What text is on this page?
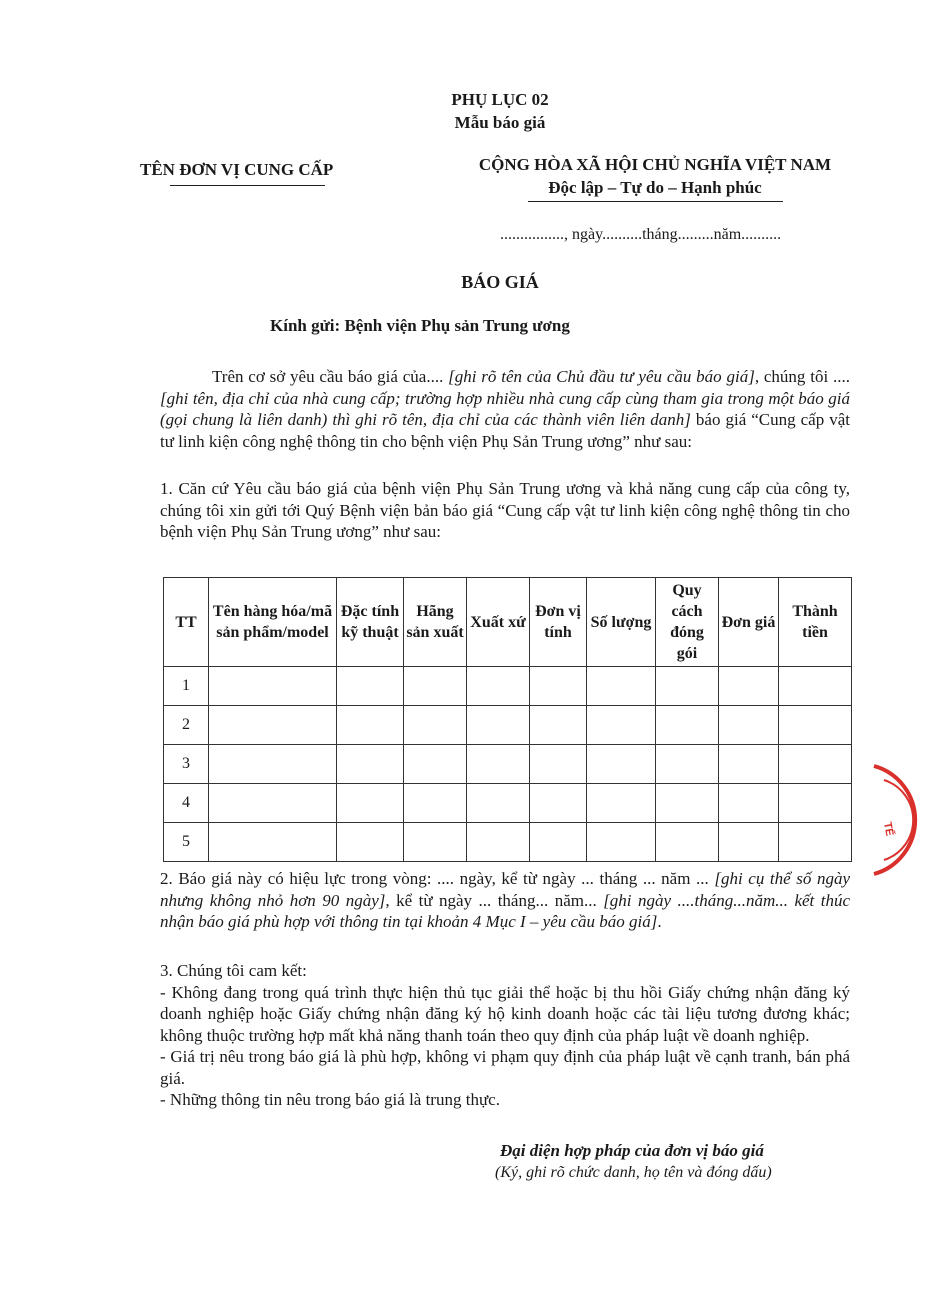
PHỤ LỤC 02
Mẫu báo giá
TÊN ĐƠN VỊ CUNG CẤP	CỘNG HÒA XÃ HỘI CHỦ NGHĨA VIỆT NAM
Độc lập – Tự do – Hạnh phúc
................, ngày..........tháng.........năm..........
BÁO GIÁ
Kính gửi: Bệnh viện Phụ sản Trung ương
Trên cơ sở yêu cầu báo giá của.... [ghi rõ tên của Chủ đầu tư yêu cầu báo giá], chúng tôi .... [ghi tên, địa chỉ của nhà cung cấp; trường hợp nhiều nhà cung cấp cùng tham gia trong một báo giá (gọi chung là liên danh) thì ghi rõ tên, địa chỉ của các thành viên liên danh] báo giá “Cung cấp vật tư linh kiện công nghệ thông tin cho bệnh viện Phụ Sản Trung ương” như sau:
1. Căn cứ Yêu cầu báo giá của bệnh viện Phụ Sản Trung ương và khả năng cung cấp của công ty, chúng tôi xin gửi tới Quý Bệnh viện bản báo giá “Cung cấp vật tư linh kiện công nghệ thông tin cho bệnh viện Phụ Sản Trung ương” như sau:
TT	Tên hàng hóa/mã sản phẩm/model	Đặc tính kỹ thuật	Hãng sản xuất	Xuất xứ	Đơn vị tính	Số lượng	Quy cách đóng gói	Đơn giá	Thành tiền
1									
2									
3									
4									
5									
2. Báo giá này có hiệu lực trong vòng: .... ngày, kể từ ngày ... tháng ... năm ... [ghi cụ thể số ngày nhưng không nhỏ hơn 90 ngày], kể từ ngày ... tháng... năm... [ghi ngày ....tháng...năm... kết thúc nhận báo giá phù hợp với thông tin tại khoản 4 Mục I – yêu cầu báo giá].
3. Chúng tôi cam kết:
- Không đang trong quá trình thực hiện thủ tục giải thể hoặc bị thu hồi Giấy chứng nhận đăng ký doanh nghiệp hoặc Giấy chứng nhận đăng ký hộ kinh doanh hoặc các tài liệu tương đương khác; không thuộc trường hợp mất khả năng thanh toán theo quy định của pháp luật về doanh nghiệp.
- Giá trị nêu trong báo giá là phù hợp, không vi phạm quy định của pháp luật về cạnh tranh, bán phá giá.
- Những thông tin nêu trong báo giá là trung thực.
Đại diện hợp pháp của đơn vị báo giá
(Ký, ghi rõ chức danh, họ tên và đóng dấu)
TẾ
